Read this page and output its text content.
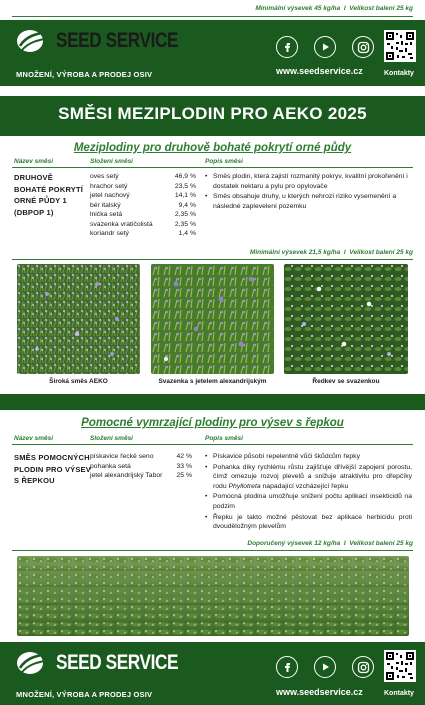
Minimální výsevek 45 kg/ha I Velikost balení 25 kg
SEED SERVICE
MNOŽENÍ, VÝROBA A PRODEJ OSIV	www.seedservice.cz	Kontakty
SMĚSI MEZIPLODIN PRO AEKO 2025
Meziplodiny pro druhově bohaté pokrytí orné půdy
Název směsi	Složení směsi	Popis směsi
DRUHOVĚ
BOHATÉ POKRYTÍ
ORNÉ PŮDY 1
(DBPOP 1)
oves setý	46,9 %
hrachor setý	23,5 %
jetel nachový	14,1 %
bér italský	9,4 %
lnička setá	2,35 %
svazenka vratičolistá	2,35 %
koriandr setý	1,4 %
• Směs plodin, která zajistí rozmanitý pokryv, kvalitní prokořenění i dostatek nektaru a pylu pro opylovače
• Směs obsahuje druhy, u kterých nehrozí riziko vysemenění a následné zaplevelení pozemku
Minimální výsevek 21,5 kg/ha I Velikost balení 25 kg
Široká směs AEKO	Svazenka s jetelem alexandrijským	Ředkev se svazenkou
Pomocné vymrzající plodiny pro výsev s řepkou
Název směsi	Složení směsi	Popis směsi
SMĚS POMOCNÝCH
PLODIN PRO VÝSEV
S ŘEPKOU
pískavice řecké seno	42 %
pohanka setá	33 %
jetel alexandrijský Tabor	25 %
• Pískavice působí repelentně vůči škůdcům řepky
• Pohanka díky rychlému růstu zajišťuje dřívější zapojení porostu, čímž omezuje rozvoj plevelů a snižuje atraktivitu pro dřepčíky rodu Phyllotreta napadající vzcházející řepku
• Pomocná plodina umožňuje snížení počtu aplikací insekticidů na podzim
• Řepku je takto možné pěstovat bez aplikace herbicidu proti dvouděložným plevelům
Doporučený výsevek 12 kg/ha I Velikost balení 25 kg
SEED SERVICE
MNOŽENÍ, VÝROBA A PRODEJ OSIV	www.seedservice.cz	Kontakty
